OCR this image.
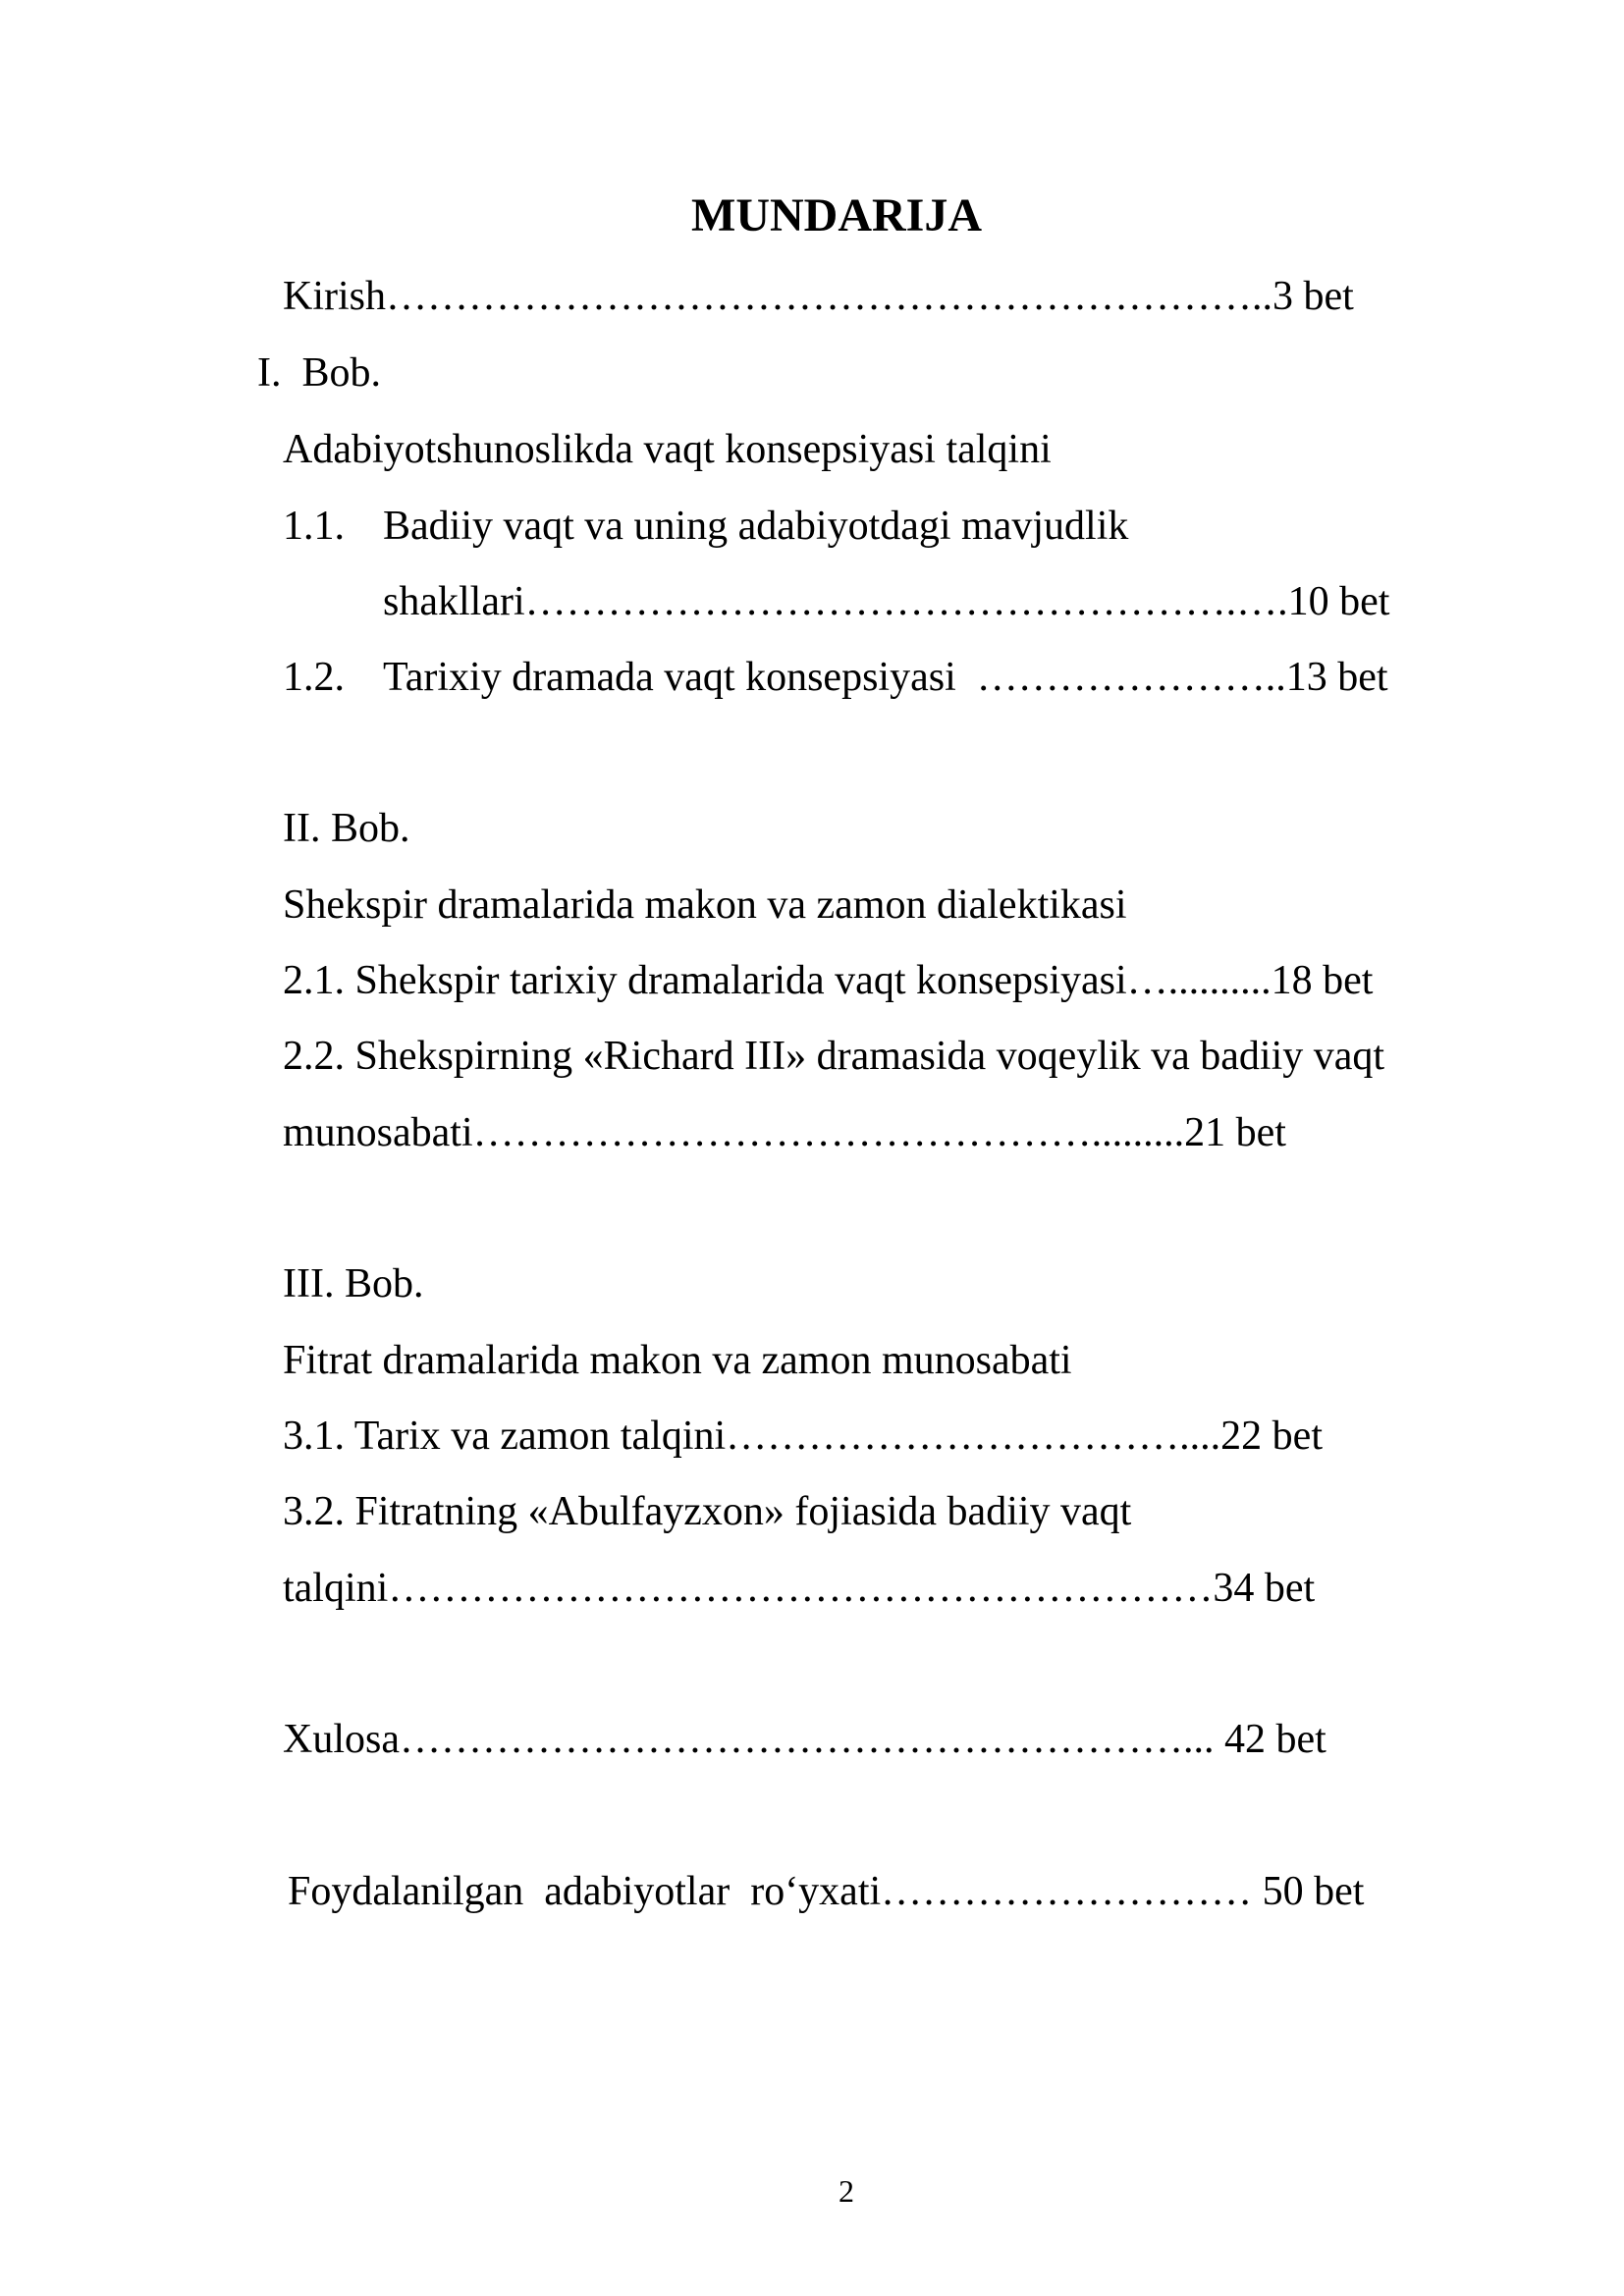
MUNDARIJA
Kirish………………………………………………………..3 bet
I.  Bob.
Adabiyotshunoslikda vaqt konsepsiyasi talqini
1.1. Badiiy vaqt va uning adabiyotdagi mavjudlik
shakllari…………………………………………….….10 bet
1.2. Tarixiy dramada vaqt konsepsiyasi  …………………..13 bet
II. Bob.
Shekspir dramalarida makon va zamon dialektikasi
2.1. Shekspir tarixiy dramalarida vaqt konsepsiyasi…..........18 bet
2.2. Shekspirning «Richard III» dramasida voqeylik va badiiy vaqt
munosabati……………………………………….........21 bet
III. Bob.
Fitrat dramalarida makon va zamon munosabati
3.1. Tarix va zamon talqini……………………………....22 bet
3.2. Fitratning «Abulfayzxon» fojiasida badiiy vaqt
talqini……………………………………………………34 bet
Xulosa…………………………………………………... 42 bet
Foydalanilgan  adabiyotlar  ro‘yxati……………………… 50 bet
2
